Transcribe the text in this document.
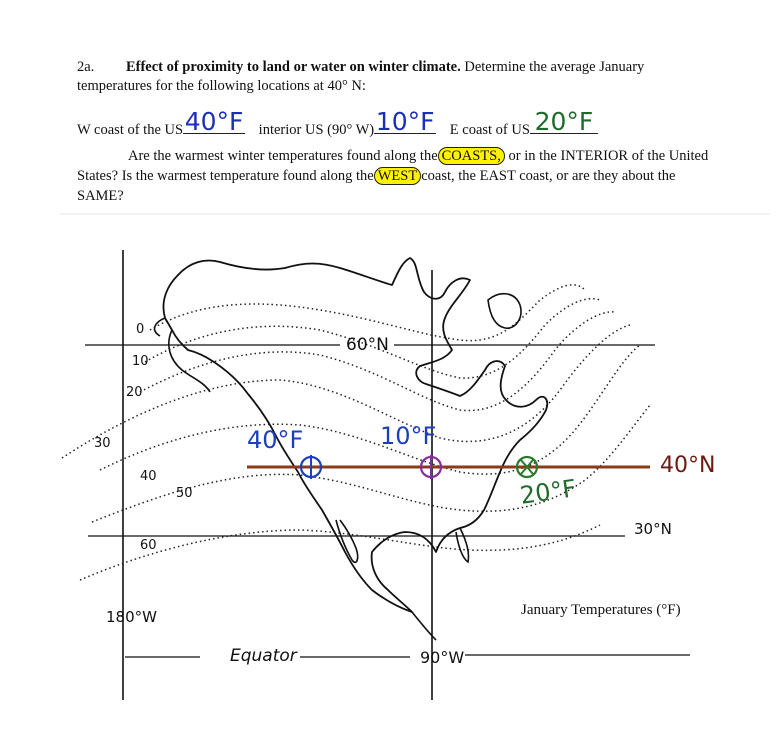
2a. Effect of proximity to land or water on winter climate. Determine the average January
temperatures for the following locations at 40° N:
W coast of the US 40°F interior US (90° W) 10°F E coast of US 20°F
Are the warmest winter temperatures found along the COASTS, or in the INTERIOR of the United
States? Is the warmest temperature found along the WEST coast, the EAST coast, or are they about the
SAME?
0
10
20
30
40
50
60
60°N
40°N
30°N
180°W
90°W
Equator
January Temperatures (°F)
40°F	10°F
20°F
